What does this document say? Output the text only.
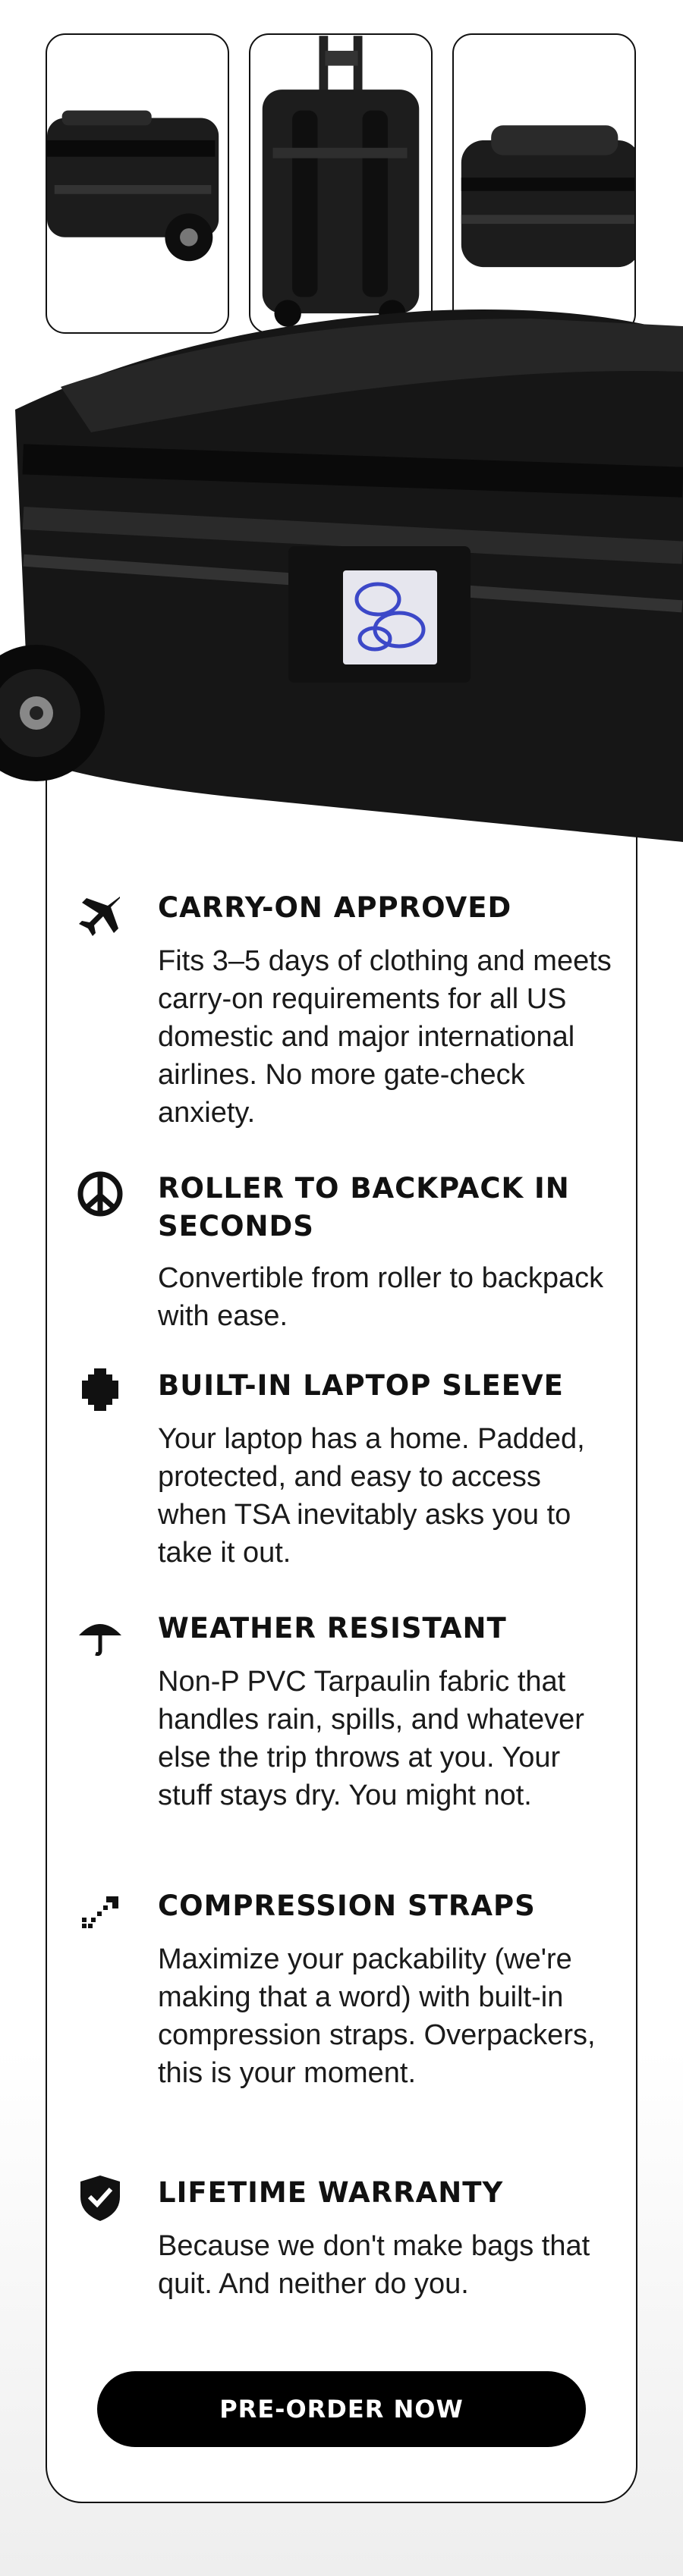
CARRY-ON APPROVED
Fits 3–5 days of clothing and meets carry-on requirements for all US domestic and major international airlines. No more gate-check anxiety.
ROLLER TO BACKPACK IN SECONDS
Convertible from roller to backpack with ease.
BUILT-IN LAPTOP SLEEVE
Your laptop has a home. Padded, protected, and easy to access when TSA inevitably asks you to take it out.
WEATHER RESISTANT
Non-P PVC Tarpaulin fabric that handles rain, spills, and whatever else the trip throws at you. Your stuff stays dry. You might not.
COMPRESSION STRAPS
Maximize your packability (we're making that a word) with built-in compression straps. Overpackers, this is your moment.
LIFETIME WARRANTY
Because we don't make bags that quit. And neither do you.
PRE-ORDER NOW
